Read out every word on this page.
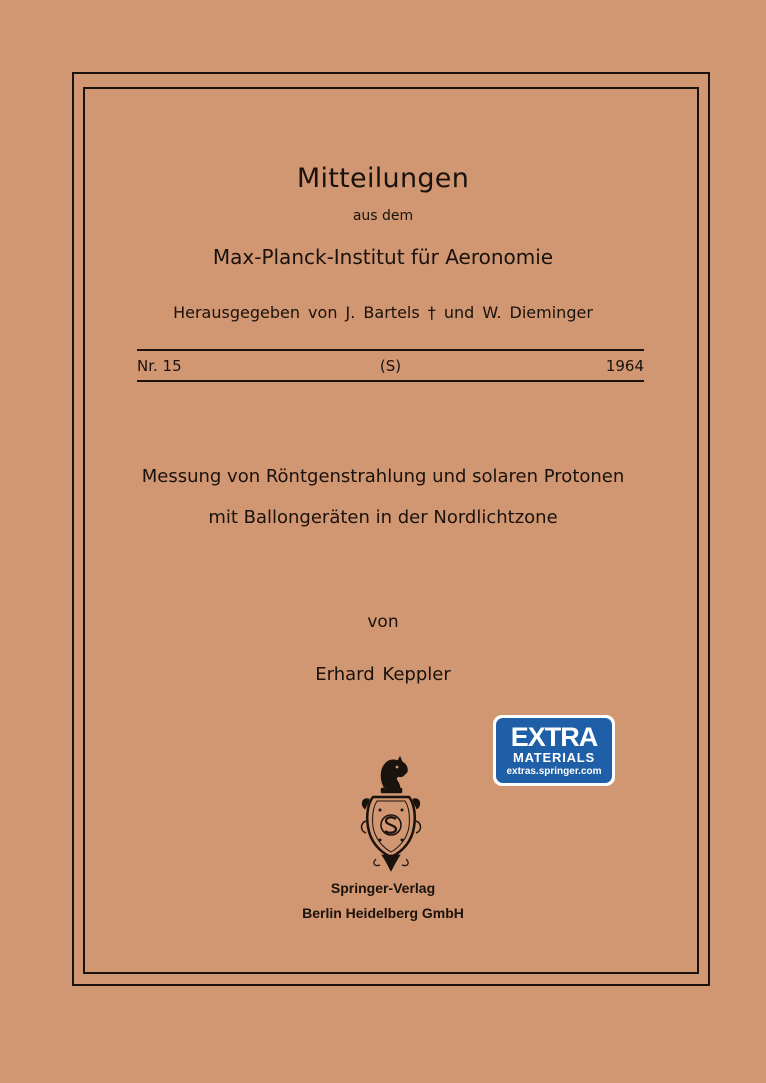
Mitteilungen
aus dem
Max-Planck-Institut für Aeronomie
Herausgegeben von J. Bartels † und W. Dieminger
Nr. 15	(S)	1964
Messung von Röntgenstrahlung und solaren Protonen
mit Ballongeräten in der Nordlichtzone
von
Erhard Keppler
EXTRA
MATERIALS
extras.springer.com
Springer-Verlag
Berlin Heidelberg GmbH
